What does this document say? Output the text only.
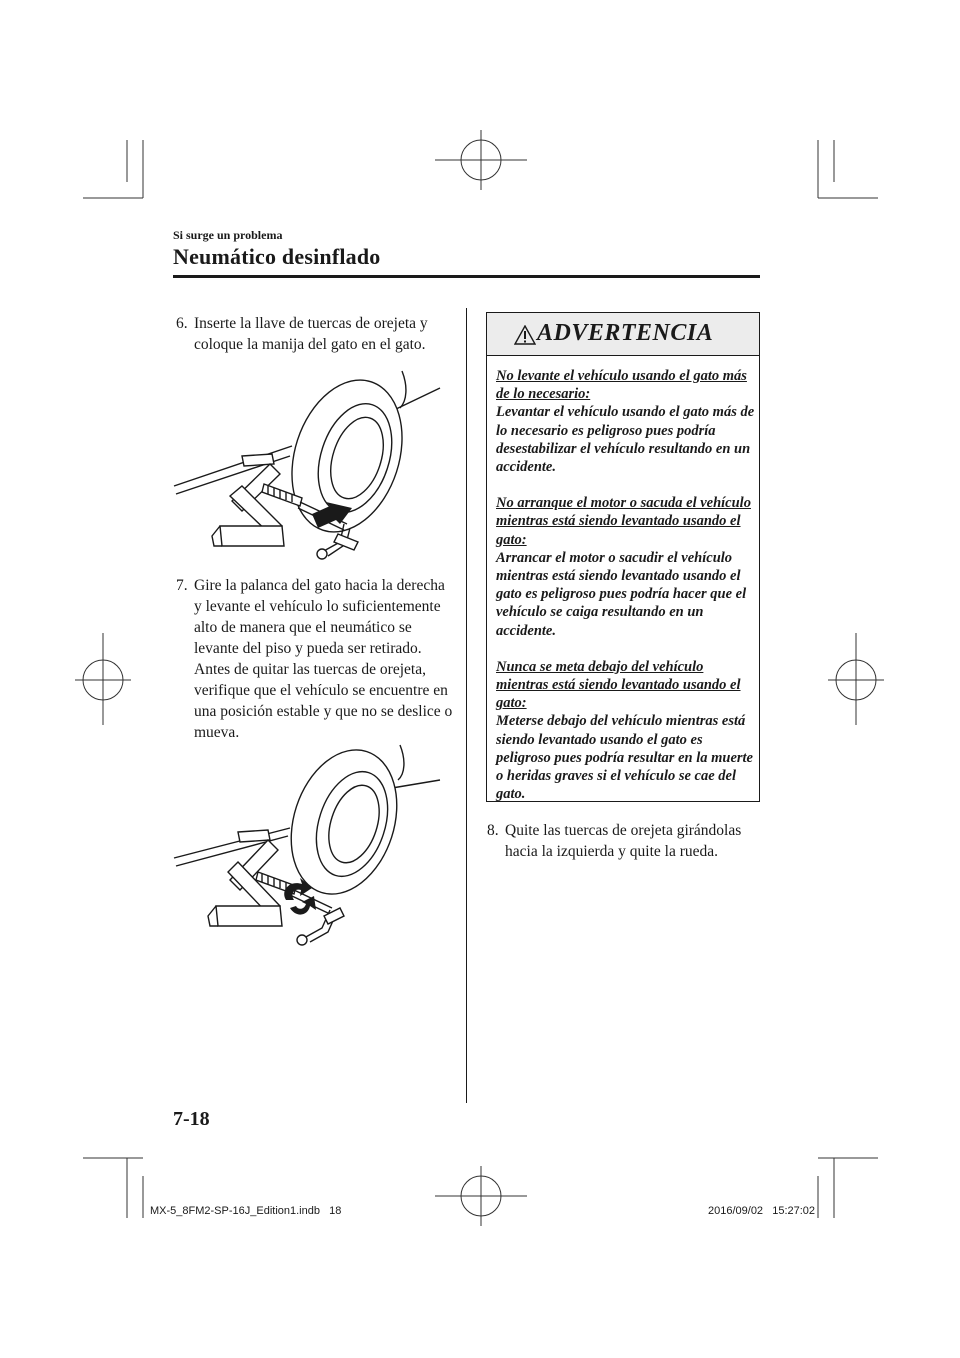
Si surge un problema
Neumático desinflado
6. Inserte la llave de tuercas de orejeta y coloque la manija del gato en el gato.
7. Gire la palanca del gato hacia la derecha y levante el vehículo lo suficientemente alto de manera que el neumático se levante del piso y pueda ser retirado. Antes de quitar las tuercas de orejeta, verifique que el vehículo se encuentre en una posición estable y que no se deslice o mueva.
ADVERTENCIA

No levante el vehículo usando el gato más de lo necesario:
Levantar el vehículo usando el gato más de lo necesario es peligroso pues podría desestabilizar el vehículo resultando en un accidente.

No arranque el motor o sacuda el vehículo mientras está siendo levantado usando el gato:
Arrancar el motor o sacudir el vehículo mientras está siendo levantado usando el gato es peligroso pues podría hacer que el vehículo se caiga resultando en un accidente.

Nunca se meta debajo del vehículo mientras está siendo levantado usando el gato:
Meterse debajo del vehículo mientras está siendo levantado usando el gato es peligroso pues podría resultar en la muerte o heridas graves si el vehículo se cae del gato.

8. Quite las tuercas de orejeta girándolas hacia la izquierda y quite la rueda.
7-18
MX-5_8FM2-SP-16J_Edition1.indb   18	2016/09/02   15:27:02
